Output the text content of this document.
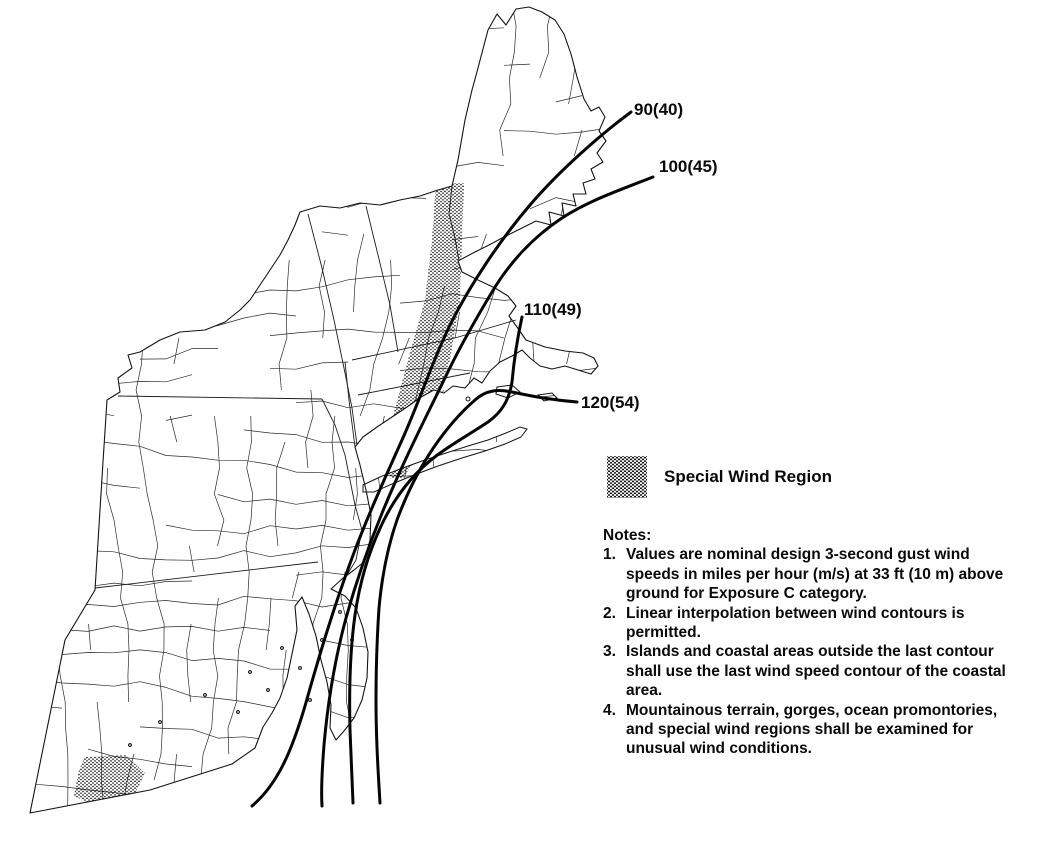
90(40)
100(45)
110(49)
120(54)
Special Wind Region
Notes:
1. Values are nominal design 3-second gust wind speeds in miles per hour (m/s) at 33 ft (10 m) above ground for Exposure C category.
2. Linear interpolation between wind contours is permitted.
3. Islands and coastal areas outside the last contour shall use the last wind speed contour of the coastal area.
4. Mountainous terrain, gorges, ocean promontories, and special wind regions shall be examined for unusual wind conditions.
